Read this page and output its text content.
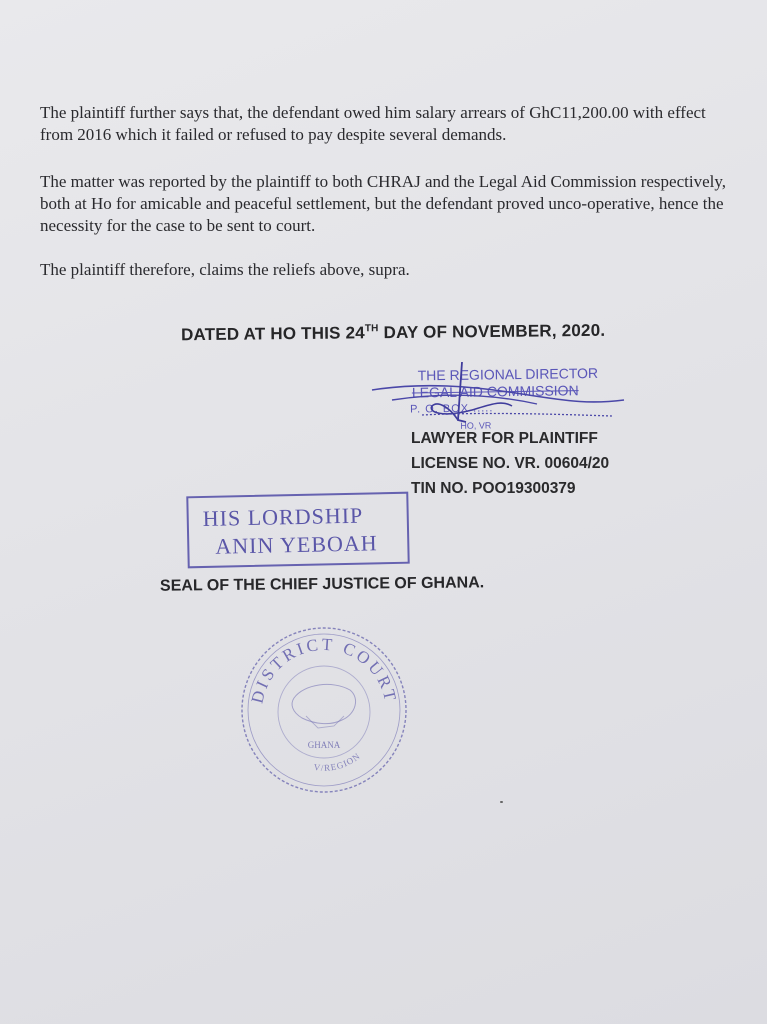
The plaintiff further says that, the defendant owed him salary arrears of GhC11,200.00 with effect from 2016 which it failed or refused to pay despite several demands.

The matter was reported by the plaintiff to both CHRAJ and the Legal Aid Commission respectively, both at Ho for amicable and peaceful settlement, but the defendant proved unco-operative, hence the necessity for the case to be sent to court.

The plaintiff therefore, claims the reliefs above, supra.

DATED AT HO THIS 24TH DAY OF NOVEMBER, 2020.

THE REGIONAL DIRECTOR
LEGAL AID COMMISSION
P. O. BOX .....
HO, VR
LAWYER FOR PLAINTIFF
LICENSE NO. VR. 00604/20
TIN NO. POO19300379
HIS LORDSHIP
ANIN YEBOAH
SEAL OF THE CHIEF JUSTICE OF GHANA.
DISTRICT COURT
GHANA
V/REGION
